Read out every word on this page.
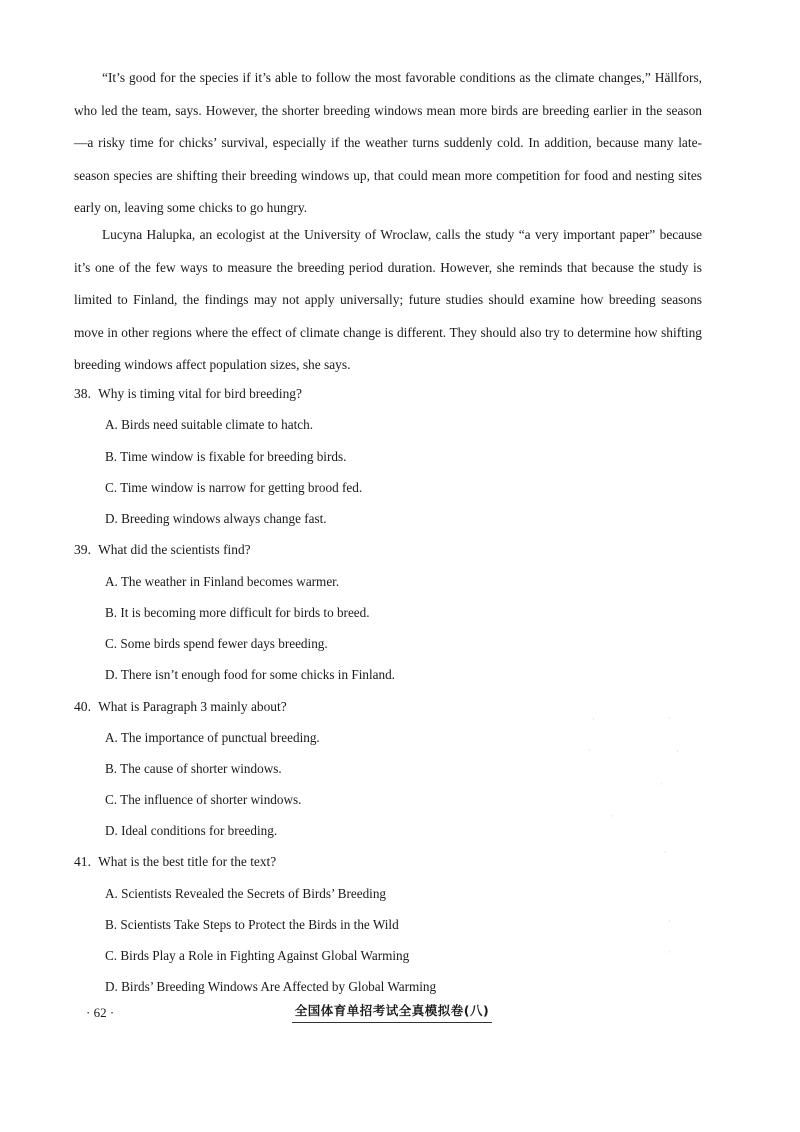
“It’s good for the species if it’s able to follow the most favorable conditions as the climate changes,” Hällfors, who led the team, says. However, the shorter breeding windows mean more birds are breeding earlier in the season—a risky time for chicks’ survival, especially if the weather turns suddenly cold. In addition, because many late-season species are shifting their breeding windows up, that could mean more competition for food and nesting sites early on, leaving some chicks to go hungry.

Lucyna Halupka, an ecologist at the University of Wroclaw, calls the study “a very important paper” because it’s one of the few ways to measure the breeding period duration. However, she reminds that because the study is limited to Finland, the findings may not apply universally; future studies should examine how breeding seasons move in other regions where the effect of climate change is different. They should also try to determine how shifting breeding windows affect population sizes, she says.

38. Why is timing vital for bird breeding?
A. Birds need suitable climate to hatch.
B. Time window is fixable for breeding birds.
C. Time window is narrow for getting brood fed.
D. Breeding windows always change fast.
39. What did the scientists find?
A. The weather in Finland becomes warmer.
B. It is becoming more difficult for birds to breed.
C. Some birds spend fewer days breeding.
D. There isn’t enough food for some chicks in Finland.
40. What is Paragraph 3 mainly about?
A. The importance of punctual breeding.
B. The cause of shorter windows.
C. The influence of shorter windows.
D. Ideal conditions for breeding.
41. What is the best title for the text?
A. Scientists Revealed the Secrets of Birds’ Breeding
B. Scientists Take Steps to Protect the Birds in the Wild
C. Birds Play a Role in Fighting Against Global Warming
D. Birds’ Breeding Windows Are Affected by Global Warming
·	·
·	·
·
·
·
·
·
· 62 ·	全国体育单招考试全真模拟卷(八)
